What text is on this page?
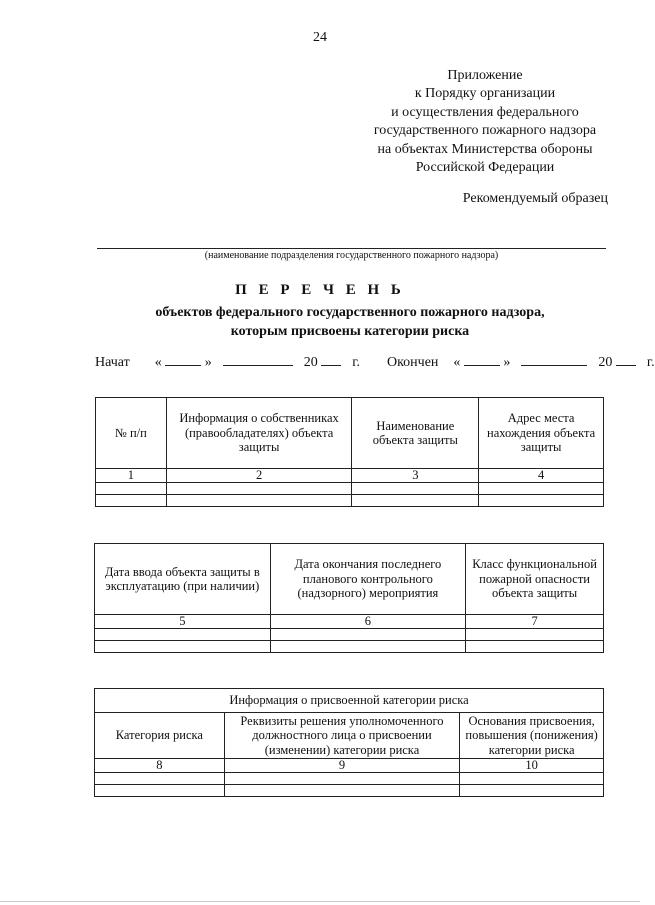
24
Приложение
к Порядку организации
и осуществления федерального
государственного пожарного надзора
на объектах Министерства обороны
Российской Федерации
Рекомендуемый образец
(наименование подразделения государственного пожарного надзора)
П Е Р Е Ч Е Н Ь
объектов федерального государственного пожарного надзора,
которым присвоены категории риска
Начат «	»	20 г. Окончен «	»	20 г.
№ п/п	Информация о собственниках (правообладателях) объекта защиты	Наименование объекта защиты	Адрес места нахождения объекта защиты
1	2	3	4

Дата ввода объекта защиты в эксплуатацию (при наличии)	Дата окончания последнего планового контрольного (надзорного) мероприятия	Класс функциональной пожарной опасности объекта защиты
5	6	7

Информация о присвоенной категории риска		
Категория риска	Реквизиты решения уполномоченного должностного лица о присвоении (изменении) категории риска	Основания присвоения, повышения (понижения) категории риска
8	9	10
